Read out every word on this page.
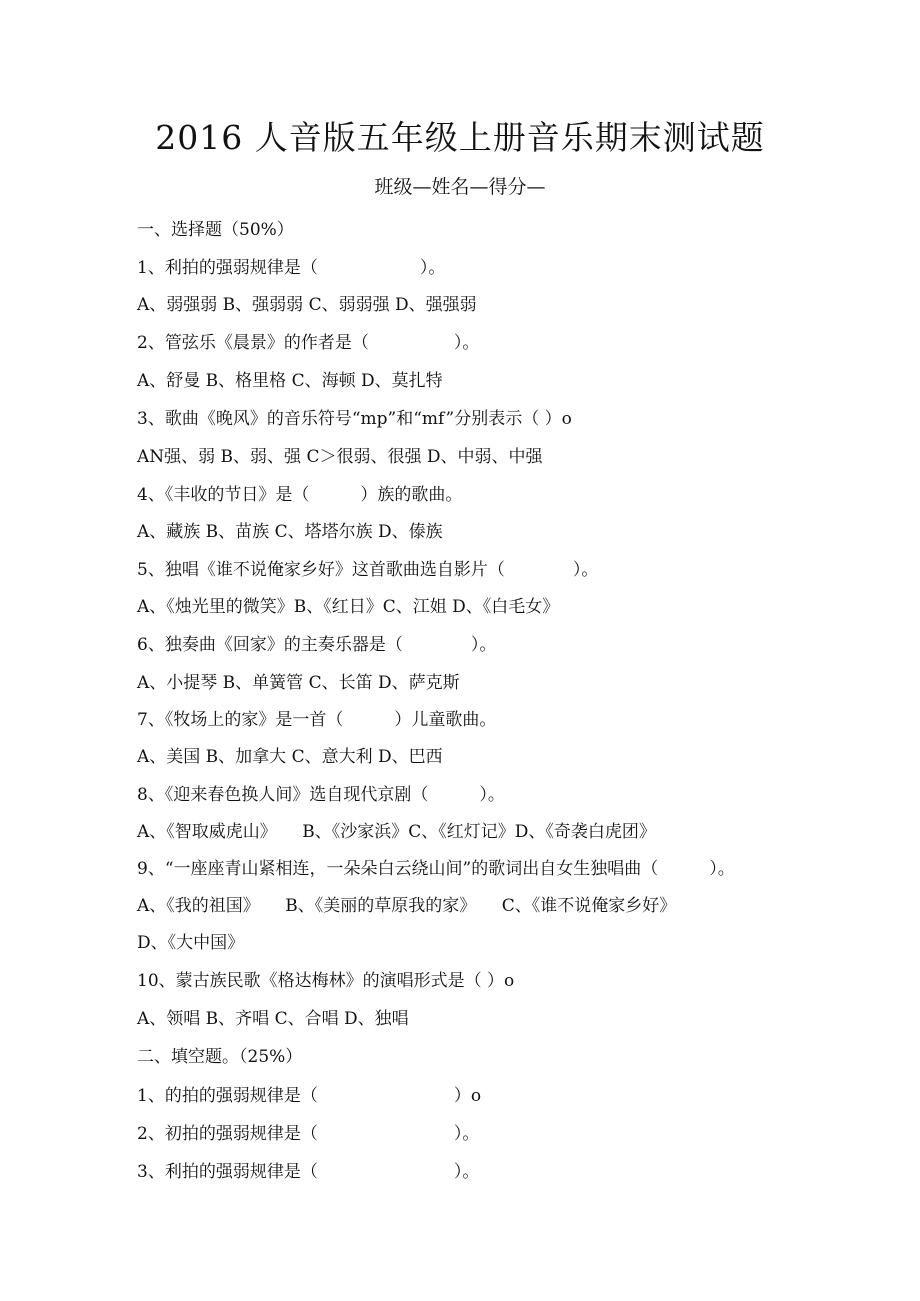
2016 人音版五年级上册音乐期末测试题
班级—姓名—得分—
一、选择题（50%）
1、利拍的强弱规律是（　　　　　　）。
A、弱强弱 B、强弱弱 C、弱弱强 D、强强弱
2、管弦乐《晨景》的作者是（　　　　　）。
A、舒曼 B、格里格 C、海顿 D、莫扎特
3、歌曲《晚风》的音乐符号“mp”和“mf”分别表示（ ）o
AN强、弱 B、弱、强 C＞很弱、很强 D、中弱、中强
4、《丰收的节日》是（　　　）族的歌曲。
A、藏族 B、苗族 C、塔塔尔族 D、傣族
5、独唱《谁不说俺家乡好》这首歌曲选自影片（　　　　）。
A、《烛光里的微笑》B、《红日》C、江姐 D、《白毛女》
6、独奏曲《回家》的主奏乐器是（　　　　）。
A、小提琴 B、单簧管 C、长笛 D、萨克斯
7、《牧场上的家》是一首（　　　）儿童歌曲。
A、美国 B、加拿大 C、意大利 D、巴西
8、《迎来春色换人间》选自现代京剧（　　　）。
A、《智取威虎山》　　B、《沙家浜》C、《红灯记》D、《奇袭白虎团》
9、“一座座青山紧相连，一朵朵白云绕山间”的歌词出自女生独唱曲（　　　）。
A、《我的祖国》　　B、《美丽的草原我的家》　　C、《谁不说俺家乡好》
D、《大中国》
10、蒙古族民歌《格达梅林》的演唱形式是（ ）o
A、领唱 B、齐唱 C、合唱 D、独唱
二、填空题。（25%）
1、的拍的强弱规律是（　　　　　　　　）o
2、初拍的强弱规律是（　　　　　　　　）。
3、利拍的强弱规律是（　　　　　　　　）。
